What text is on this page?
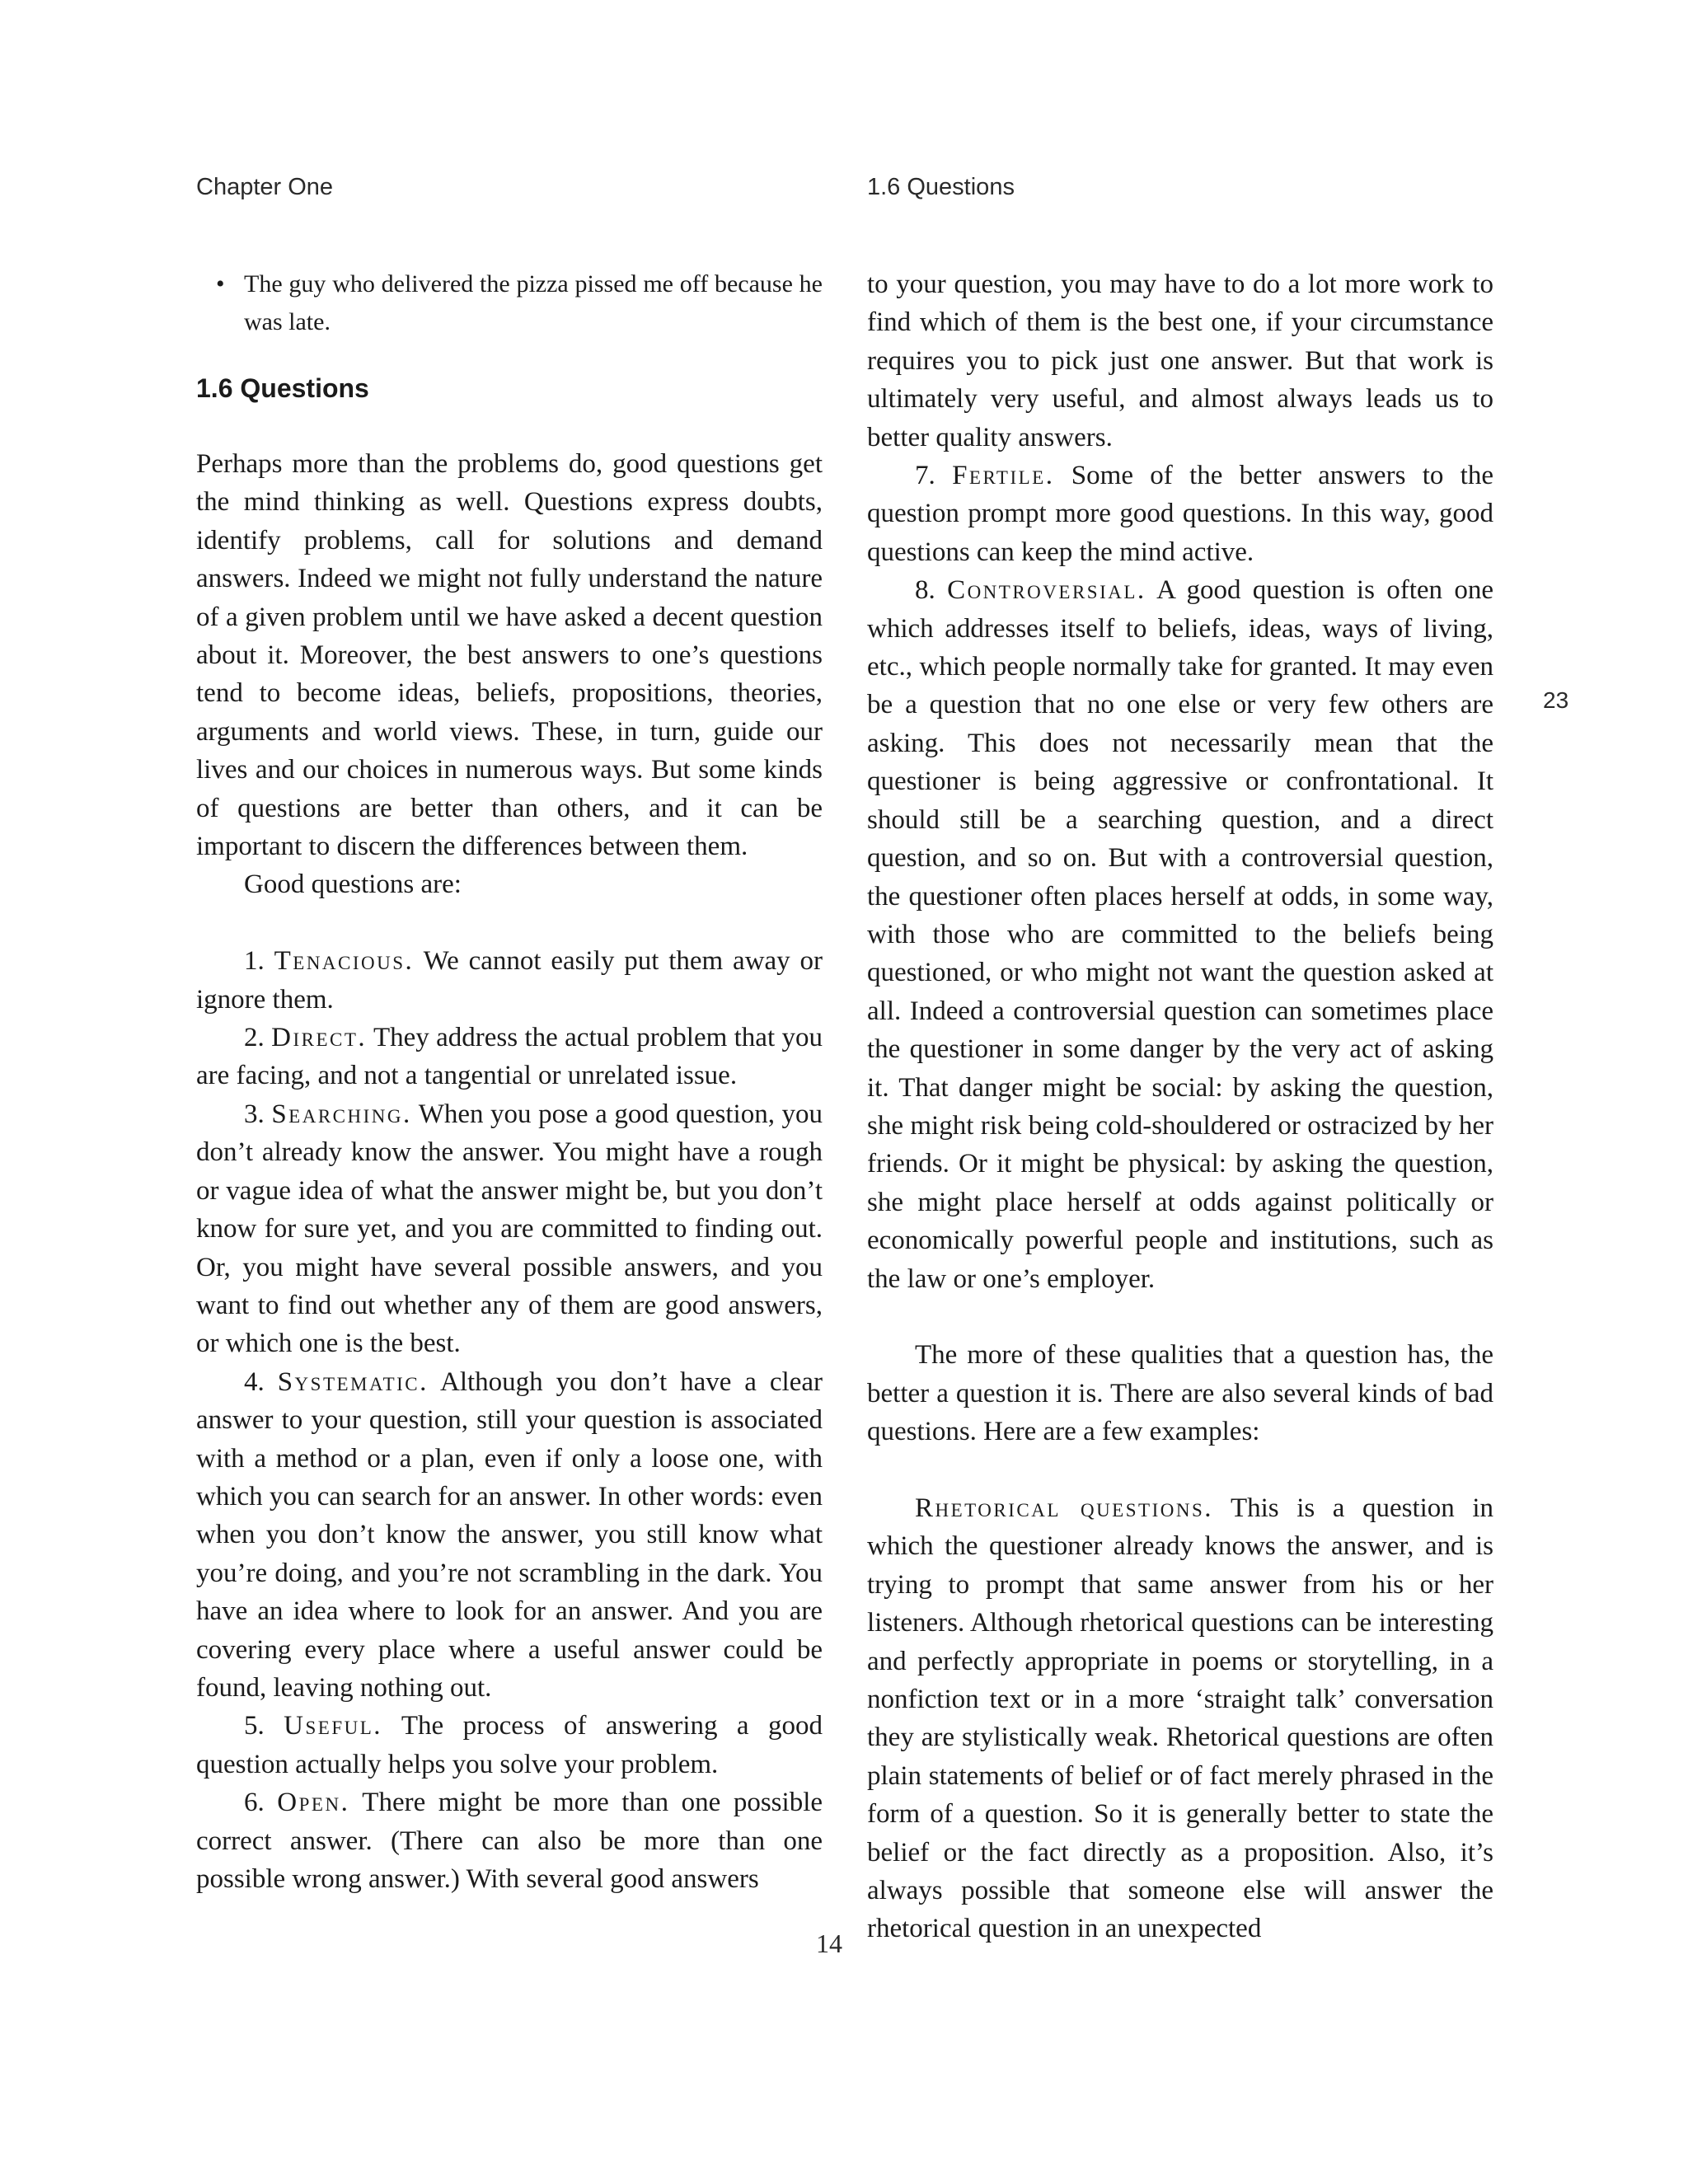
Chapter One	1.6 Questions

• The guy who delivered the pizza pissed me off because he was late.

1.6 Questions

Perhaps more than the problems do, good questions get the mind thinking as well. Questions express doubts, identify problems, call for solutions and demand answers. Indeed we might not fully understand the nature of a given problem until we have asked a decent question about it. Moreover, the best answers to one’s questions tend to become ideas, beliefs, propositions, theories, arguments and world views. These, in turn, guide our lives and our choices in numerous ways. But some kinds of questions are better than others, and it can be important to discern the differences between them.

Good questions are:

1. Tenacious. We cannot easily put them away or ignore them.

2. Direct. They address the actual problem that you are facing, and not a tangential or unrelated issue.

3. Searching. When you pose a good question, you don’t already know the answer. You might have a rough or vague idea of what the answer might be, but you don’t know for sure yet, and you are committed to finding out. Or, you might have several possible answers, and you want to find out whether any of them are good answers, or which one is the best.

4. Systematic. Although you don’t have a clear answer to your question, still your question is associated with a method or a plan, even if only a loose one, with which you can search for an answer. In other words: even when you don’t know the answer, you still know what you’re doing, and you’re not scrambling in the dark. You have an idea where to look for an answer. And you are covering every place where a useful answer could be found, leaving nothing out.

5. Useful. The process of answering a good question actually helps you solve your problem.

6. Open. There might be more than one possible correct answer. (There can also be more than one possible wrong answer.) With several good answers

14

to your question, you may have to do a lot more work to find which of them is the best one, if your circumstance requires you to pick just one answer. But that work is ultimately very useful, and almost always leads us to better quality answers.

7. Fertile. Some of the better answers to the question prompt more good questions. In this way, good questions can keep the mind active.

8. Controversial. A good question is often one which addresses itself to beliefs, ideas, ways of living, etc., which people normally take for granted. It may even be a question that no one else or very few others are asking. This does not necessarily mean that the questioner is being aggressive or confrontational. It should still be a searching question, and a direct question, and so on. But with a controversial question, the questioner often places herself at odds, in some way, with those who are committed to the beliefs being questioned, or who might not want the question asked at all. Indeed a controversial question can sometimes place the questioner in some danger by the very act of asking it. That danger might be social: by asking the question, she might risk being cold-shouldered or ostracized by her friends. Or it might be physical: by asking the question, she might place herself at odds against politically or economically powerful people and institutions, such as the law or one’s employer.

The more of these qualities that a question has, the better a question it is. There are also several kinds of bad questions. Here are a few examples:

Rhetorical questions. This is a question in which the questioner already knows the answer, and is trying to prompt that same answer from his or her listeners. Although rhetorical questions can be interesting and perfectly appropriate in poems or storytelling, in a nonfiction text or in a more ‘straight talk’ conversation they are stylistically weak. Rhetorical questions are often plain statements of belief or of fact merely phrased in the form of a question. So it is generally better to state the belief or the fact directly as a proposition. Also, it’s always possible that someone else will answer the rhetorical question in an unexpected

23
